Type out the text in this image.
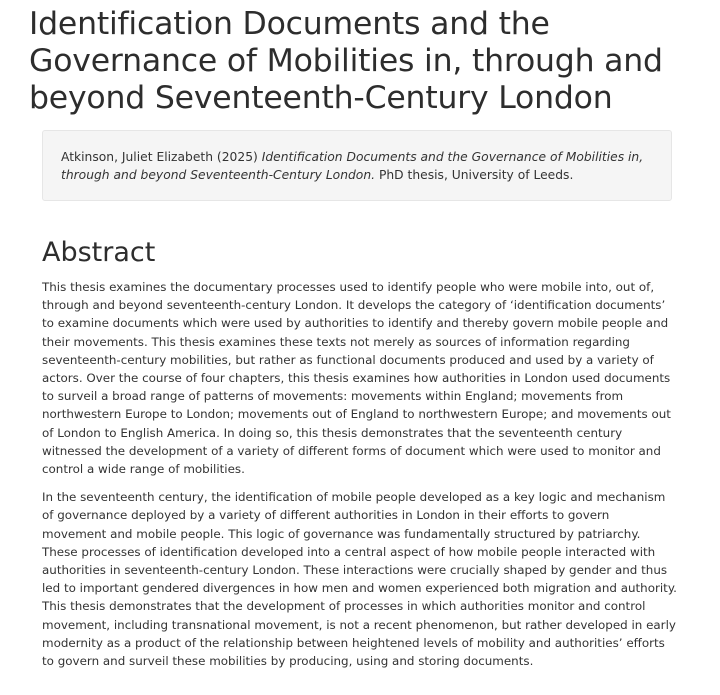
Identification Documents and the Governance of Mobilities in, through and beyond Seventeenth-Century London
Atkinson, Juliet Elizabeth (2025) Identification Documents and the Governance of Mobilities in, through and beyond Seventeenth-Century London. PhD thesis, University of Leeds.
Abstract

This thesis examines the documentary processes used to identify people who were mobile into, out of, through and beyond seventeenth-century London. It develops the category of ‘identification documents’ to examine documents which were used by authorities to identify and thereby govern mobile people and their movements. This thesis examines these texts not merely as sources of information regarding seventeenth-century mobilities, but rather as functional documents produced and used by a variety of actors. Over the course of four chapters, this thesis examines how authorities in London used documents to surveil a broad range of patterns of movements: movements within England; movements from northwestern Europe to London; movements out of England to northwestern Europe; and movements out of London to English America. In doing so, this thesis demonstrates that the seventeenth century witnessed the development of a variety of different forms of document which were used to monitor and control a wide range of mobilities.

In the seventeenth century, the identification of mobile people developed as a key logic and mechanism of governance deployed by a variety of different authorities in London in their efforts to govern movement and mobile people. This logic of governance was fundamentally structured by patriarchy. These processes of identification developed into a central aspect of how mobile people interacted with authorities in seventeenth-century London. These interactions were crucially shaped by gender and thus led to important gendered divergences in how men and women experienced both migration and authority. This thesis demonstrates that the development of processes in which authorities monitor and control movement, including transnational movement, is not a recent phenomenon, but rather developed in early modernity as a product of the relationship between heightened levels of mobility and authorities’ efforts to govern and surveil these mobilities by producing, using and storing documents.
